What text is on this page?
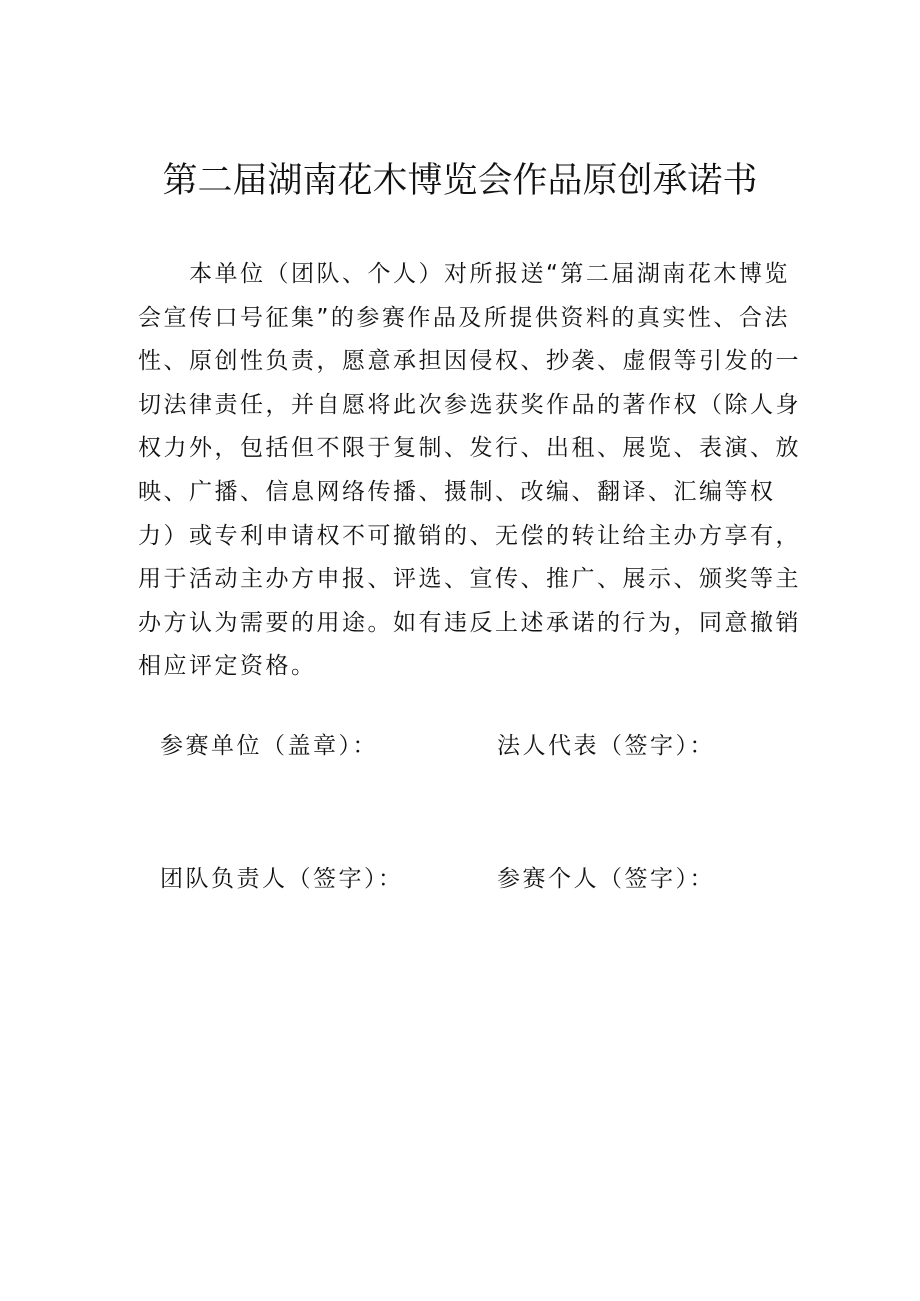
第二届湖南花木博览会作品原创承诺书
　　本单位（团队、个人）对所报送“第二届湖南花木博览
会宣传口号征集”的参赛作品及所提供资料的真实性、合法
性、原创性负责，愿意承担因侵权、抄袭、虚假等引发的一
切法律责任，并自愿将此次参选获奖作品的著作权（除人身
权力外，包括但不限于复制、发行、出租、展览、表演、放
映、广播、信息网络传播、摄制、改编、翻译、汇编等权
力）或专利申请权不可撤销的、无偿的转让给主办方享有，
用于活动主办方申报、评选、宣传、推广、展示、颁奖等主
办方认为需要的用途。如有违反上述承诺的行为，同意撤销
相应评定资格。
参赛单位（盖章）：	法人代表（签字）：
团队负责人（签字）：	参赛个人（签字）：
